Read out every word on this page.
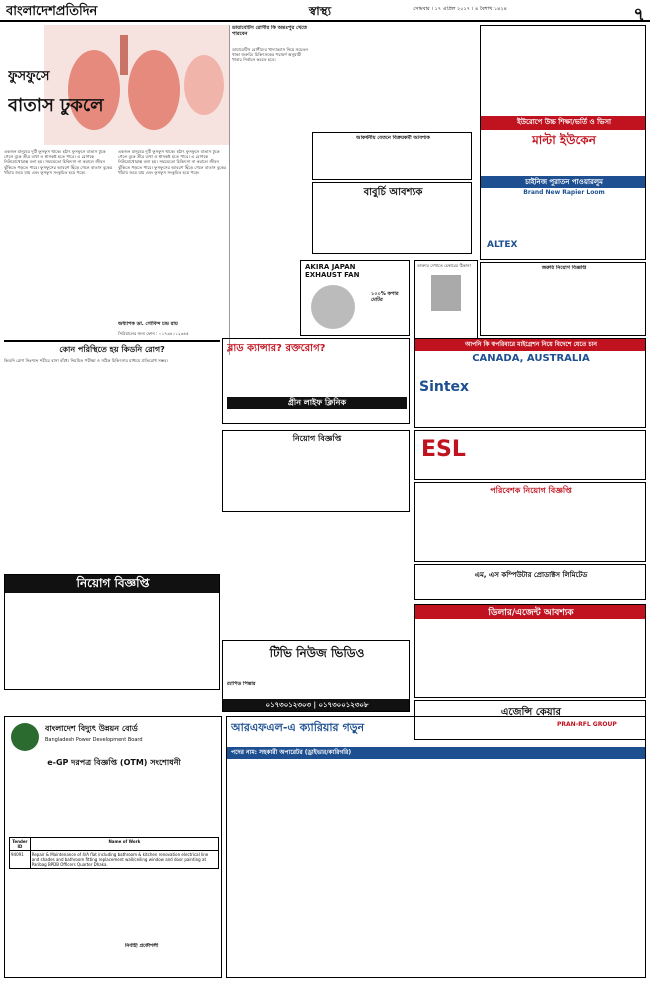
বাংলাদেশপ্রতিদিন	স্বাস্থ্য	সোমবার । ১৭ এপ্রিল ২০১৭ । ৪ বৈশাখ ১৪২৪	৭
ফুসফুসে
বাতাস ঢুকলে
একজন মানুষের দুটি ফুসফুস থাকে। হঠাৎ ফুসফুসে বাতাস ঢুকে গেলে বুকে তীব্র ব্যথা ও শ্বাসকষ্ট হতে পারে। এ রোগকে নিউমোথোরাক্স বলা হয়। সময়মতো চিকিৎসা না করালে জীবন ঝুঁকিতে পড়তে পারে। ফুসফুসের আবরণ ছিঁড়ে গেলে বাতাস বুকের খাঁচায় জমে যায় এবং ফুসফুস সংকুচিত হয়ে পড়ে।
একজন মানুষের দুটি ফুসফুস থাকে। হঠাৎ ফুসফুসে বাতাস ঢুকে গেলে বুকে তীব্র ব্যথা ও শ্বাসকষ্ট হতে পারে। এ রোগকে নিউমোথোরাক্স বলা হয়। সময়মতো চিকিৎসা না করালে জীবন ঝুঁকিতে পড়তে পারে। ফুসফুসের আবরণ ছিঁড়ে গেলে বাতাস বুকের খাঁচায় জমে যায় এবং ফুসফুস সংকুচিত হয়ে পড়ে।
অধ্যাপক ডা. গোবিন্দ চন্দ্র রায়
সিরিয়ালের জন্য ফোন : ০১৭৩৪০১২৩৪৫
ডায়াবেটিস রোগীর কি অন্তঃপুর খেতে পারবেন
ডায়াবেটিস রোগীদের খাদ্যাভ্যাস নিয়ে সচেতন থাকা জরুরি। চিকিৎসকের পরামর্শ অনুযায়ী খাবার নির্বাচন করতে হবে।
AKIRA JAPAN EXHAUST FAN
১০০% কপার মোটর
আকর্ষনীয় বেতনে বিক্রয়কর্মী আবশ্যক
বাবুর্চি আবশ্যক
ডাক্তার দেখাতে চেম্বারের ঠিকানা
ইউরোপে উচ্চ শিক্ষা/ভর্তি ও ভিসা
মাল্টা ইউকেন
চাইনিজ পুরাতন পাওয়ারলুম
Brand New Rapier Loom
ALTEX
জরুরি নিয়োগ বিজ্ঞপ্তি
কোন পরিস্থিতে হয় কিডনি রোগ?
কিডনি রোগ নিঃশব্দে শরীরে বাসা বাঁধে। নিয়মিত পরীক্ষা ও সঠিক চিকিৎসার মাধ্যমে প্রতিরোধ সম্ভব।
ব্লাড ক্যান্সার? রক্তরোগ?
গ্রীন লাইফ ক্লিনিক
আপনি কি স্বপরিবারে মাইগ্রেশন নিয়ে বিদেশে যেতে চান
CANADA, AUSTRALIA
Sintex
ESL
নিয়োগ বিজ্ঞপ্তি
পরিবেশক নিয়োগ বিজ্ঞপ্তি
নিয়োগ বিজ্ঞপ্তি
এম, এস কম্পিউটার প্রোডাক্টস লিমিটেড
ডিলার/এজেন্ট আবশ্যক
টিভি নিউজ ভিডিও
র‍্যাপিড পিস্তার
০১৭৩০১২৩০৩ | ০১৭৩০০১২৩০৮
এজেন্সি কেয়ার
বাংলাদেশ বিদ্যুৎ উন্নয়ন বোর্ড
Bangladesh Power Development Board
e-GP দরপত্র বিজ্ঞপ্তি (OTM) সংশোধনী
Tender ID	Name of Work
94091	Repair & Maintenance of 4/A flat including bathroom & kitchen renovation electrical line and shades and bathroom fitting replacement wall/ceiling window and door painting at Paribag BPDB Officers Quarter Dhaka.
নির্বাহী প্রকৌশলী
আরএফএল-এ ক্যারিয়ার গড়ুন	PRAN-RFL GROUP
পদের নাম: সহকারী অপারেটর (ড্রাইভার/কারিগরি)
